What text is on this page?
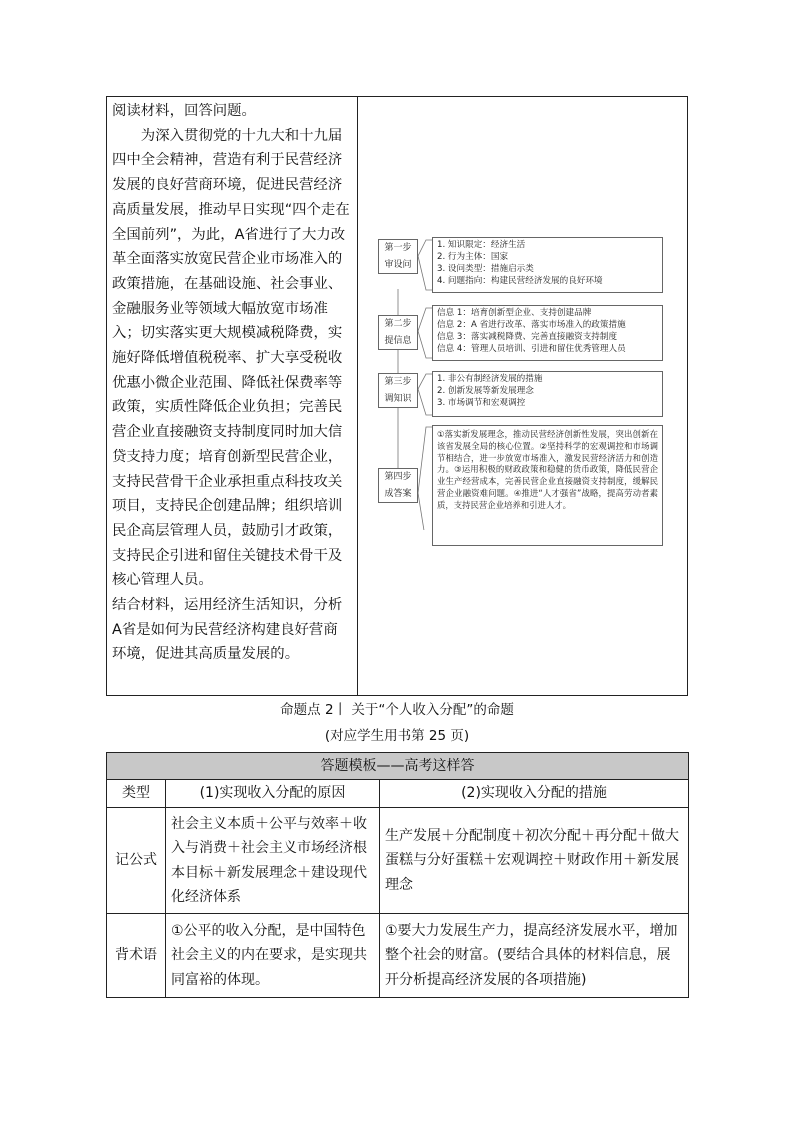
阅读材料，回答问题。

为深入贯彻党的十九大和十九届四中全会精神，营造有利于民营经济发展的良好营商环境，促进民营经济高质量发展，推动早日实现“四个走在全国前列”，为此，A省进行了大力改革全面落实放宽民营企业市场准入的政策措施，在基础设施、社会事业、金融服务业等领域大幅放宽市场准入；切实落实更大规模减税降费，实施好降低增值税税率、扩大享受税收优惠小微企业范围、降低社保费率等政策，实质性降低企业负担；完善民营企业直接融资支持制度同时加大信贷支持力度；培育创新型民营企业，支持民营骨干企业承担重点科技攻关项目，支持民企创建品牌；组织培训民企高层管理人员，鼓励引才政策，支持民企引进和留住关键技术骨干及核心管理人员。

结合材料，运用经济生活知识，分析A省是如何为民营经济构建良好营商环境，促进其高质量发展的。

第一步
审设问
1. 知识限定：经济生活
2. 行为主体：国家
3. 设问类型：措施启示类
4. 问题指向：构建民营经济发展的良好环境
第二步
提信息
信息 1：培育创新型企业、支持创建品牌
信息 2：A 省进行改革、落实市场准入的政策措施
信息 3：落实减税降费、完善直接融资支持制度
信息 4：管理人员培训、引进和留住优秀管理人员
第三步
调知识
1. 非公有制经济发展的措施
2. 创新发展等新发展理念
3. 市场调节和宏观调控
第四步
成答案
①落实新发展理念，推动民营经济创新性发展，突出创新在该省发展全局的核心位置。②坚持科学的宏观调控和市场调节相结合，进一步放宽市场准入，激发民营经济活力和创造力。③运用积极的财政政策和稳健的货币政策，降低民营企业生产经营成本，完善民营企业直接融资支持制度，缓解民营企业融资难问题。④推进“人才强省”战略，提高劳动者素质，支持民营企业培养和引进人才。
命题点 2丨 关于“个人收入分配”的命题
(对应学生用书第 25 页)
答题模板——高考这样答		
类型	(1)实现收入分配的原因	(2)实现收入分配的措施
记公式	社会主义本质＋公平与效率＋收入与消费＋社会主义市场经济根本目标＋新发展理念＋建设现代化经济体系	生产发展＋分配制度＋初次分配＋再分配＋做大蛋糕与分好蛋糕＋宏观调控＋财政作用＋新发展理念
背术语	①公平的收入分配，是中国特色社会主义的内在要求，是实现共同富裕的体现。	①要大力发展生产力，提高经济发展水平，增加整个社会的财富。(要结合具体的材料信息，展开分析提高经济发展的各项措施)
